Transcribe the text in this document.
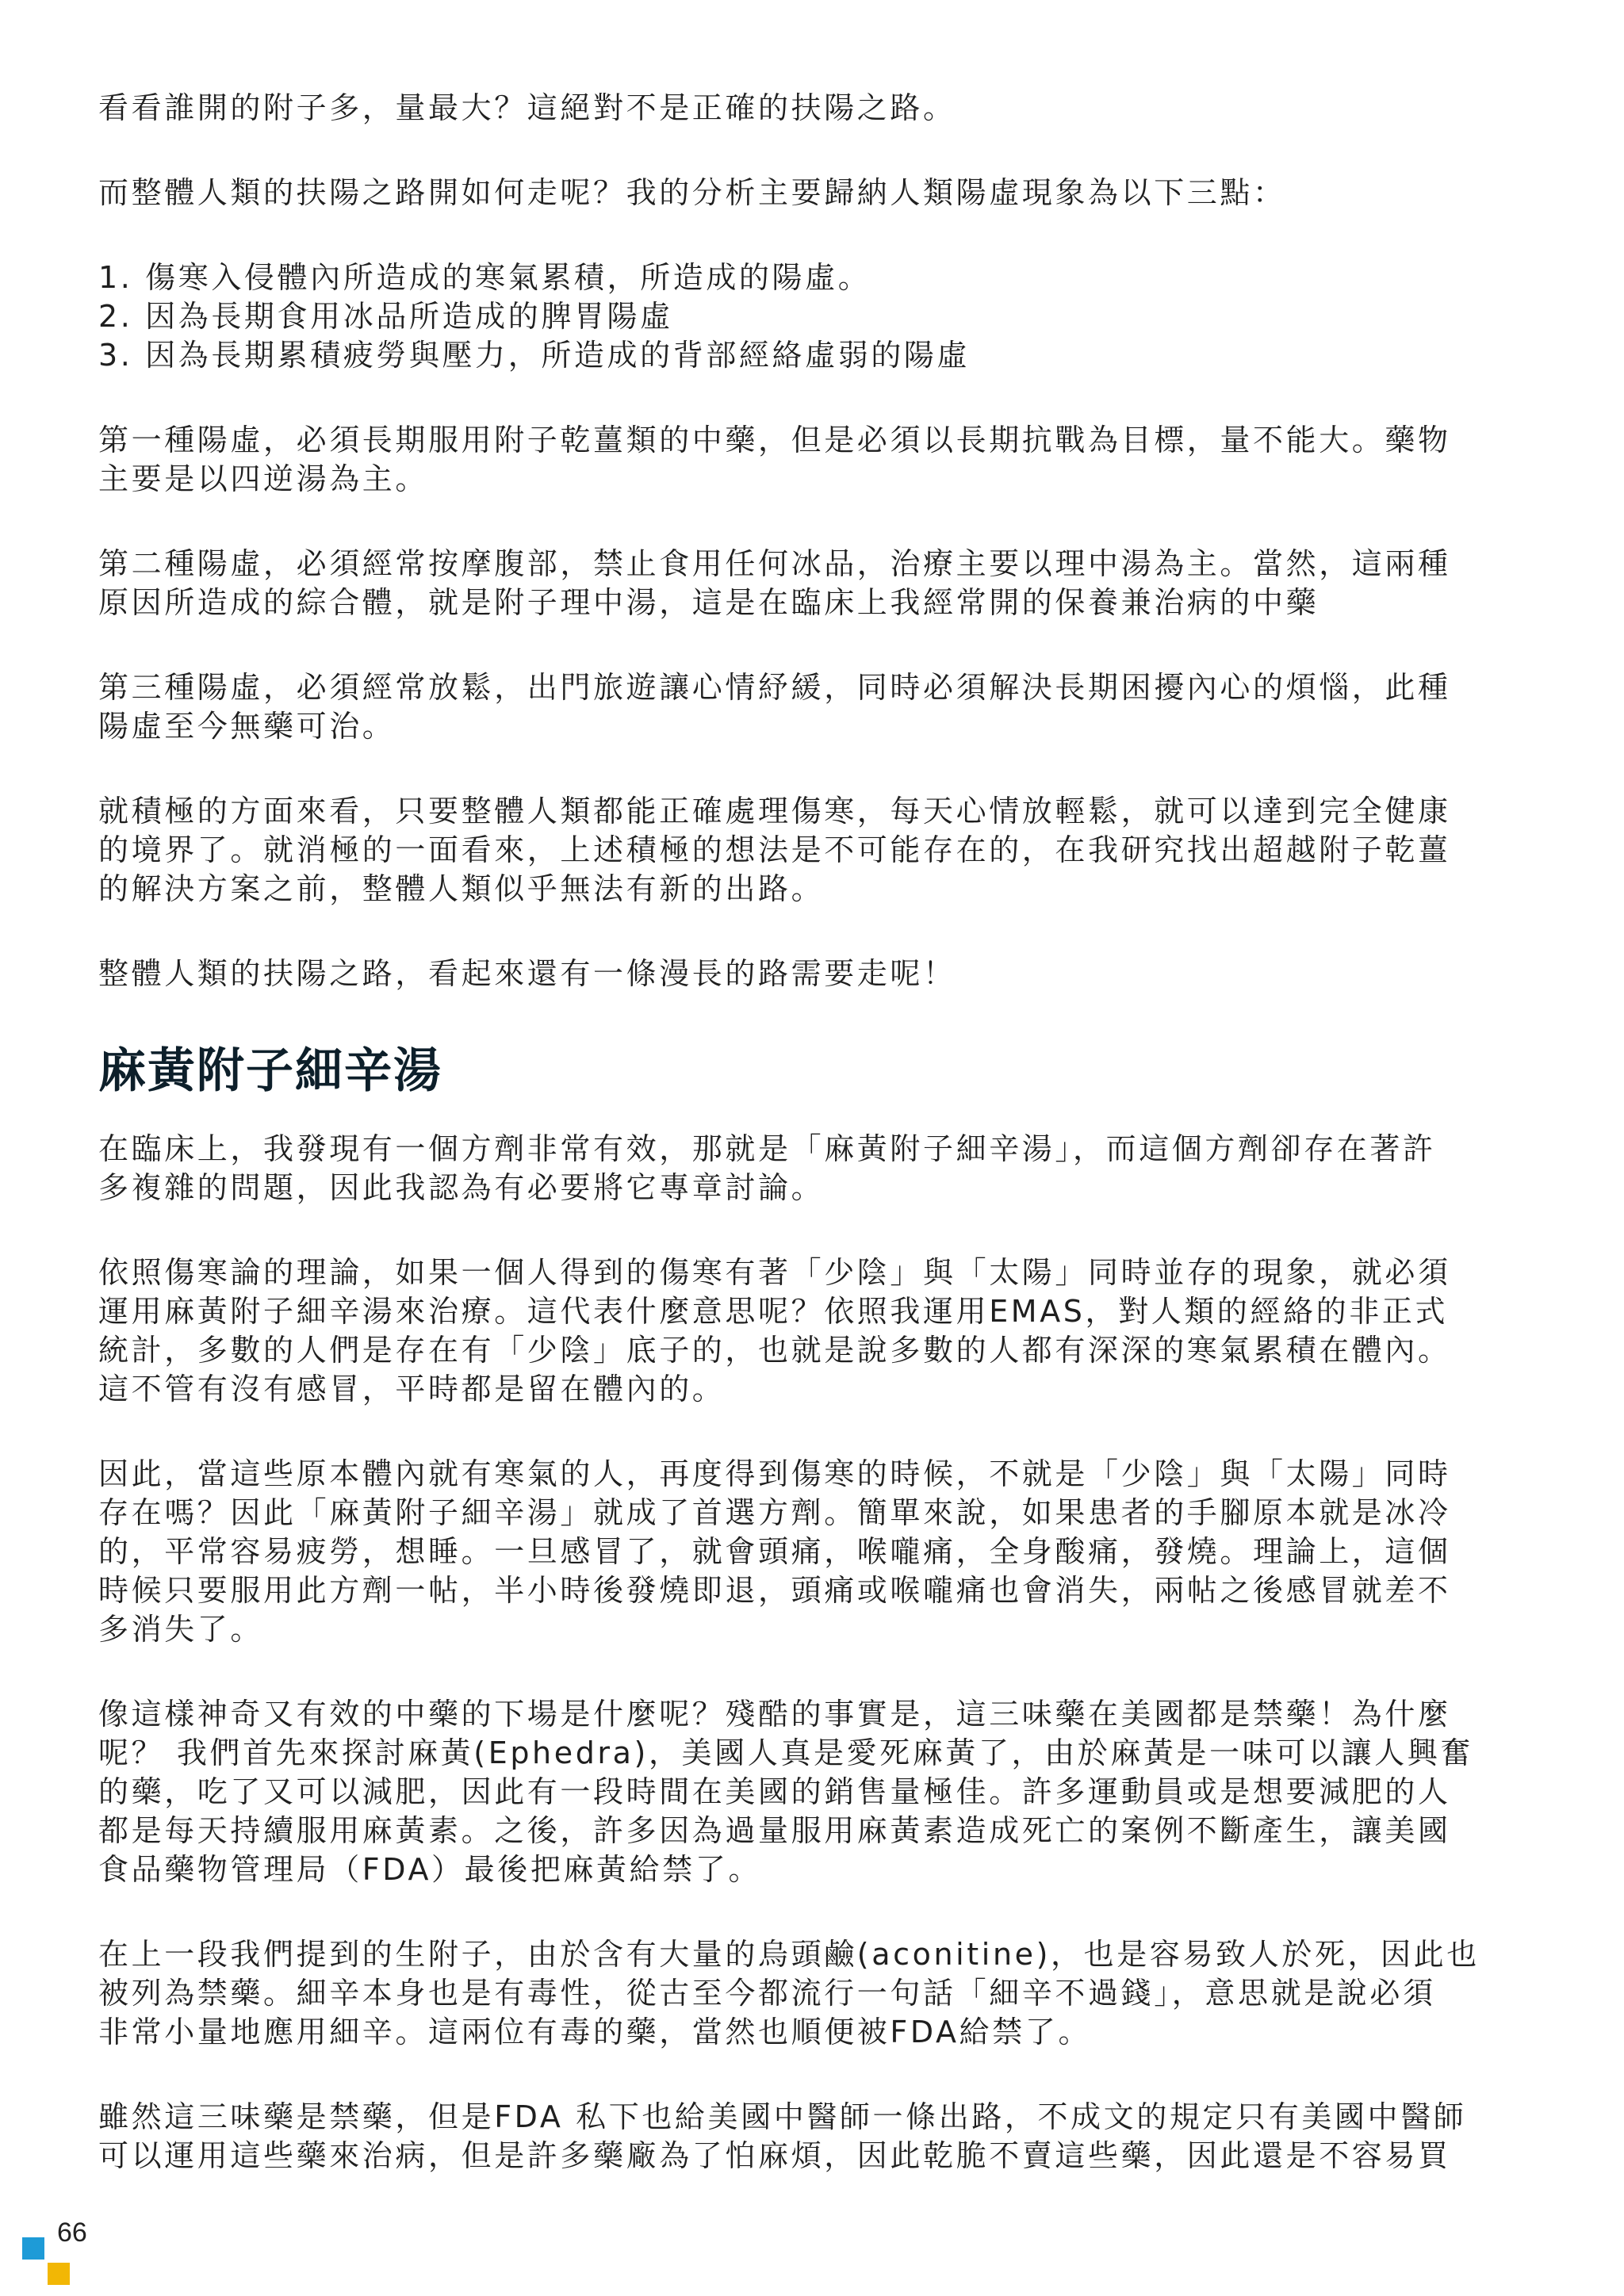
看看誰開的附子多，量最大？這絕對不是正確的扶陽之路。

而整體人類的扶陽之路開如何走呢？我的分析主要歸納人類陽虛現象為以下三點：

1. 傷寒入侵體內所造成的寒氣累積，所造成的陽虛。
2. 因為長期食用冰品所造成的脾胃陽虛
3. 因為長期累積疲勞與壓力，所造成的背部經絡虛弱的陽虛

第一種陽虛，必須長期服用附子乾薑類的中藥，但是必須以長期抗戰為目標，量不能大。藥物
主要是以四逆湯為主。

第二種陽虛，必須經常按摩腹部，禁止食用任何冰品，治療主要以理中湯為主。當然，這兩種
原因所造成的綜合體，就是附子理中湯，這是在臨床上我經常開的保養兼治病的中藥

第三種陽虛，必須經常放鬆，出門旅遊讓心情紓緩，同時必須解決長期困擾內心的煩惱，此種
陽虛至今無藥可治。

就積極的方面來看，只要整體人類都能正確處理傷寒，每天心情放輕鬆，就可以達到完全健康
的境界了。就消極的一面看來，上述積極的想法是不可能存在的，在我研究找出超越附子乾薑
的解決方案之前，整體人類似乎無法有新的出路。

整體人類的扶陽之路，看起來還有一條漫長的路需要走呢！

麻黃附子細辛湯

在臨床上，我發現有一個方劑非常有效，那就是「麻黃附子細辛湯」，而這個方劑卻存在著許
多複雜的問題，因此我認為有必要將它專章討論。

依照傷寒論的理論，如果一個人得到的傷寒有著「少陰」與「太陽」同時並存的現象，就必須
運用麻黃附子細辛湯來治療。這代表什麼意思呢？依照我運用EMAS，對人類的經絡的非正式
統計，多數的人們是存在有「少陰」底子的，也就是說多數的人都有深深的寒氣累積在體內。
這不管有沒有感冒，平時都是留在體內的。

因此，當這些原本體內就有寒氣的人，再度得到傷寒的時候，不就是「少陰」與「太陽」同時
存在嗎？因此「麻黃附子細辛湯」就成了首選方劑。簡單來說，如果患者的手腳原本就是冰冷
的，平常容易疲勞，想睡。一旦感冒了，就會頭痛，喉嚨痛，全身酸痛，發燒。理論上，這個
時候只要服用此方劑一帖，半小時後發燒即退，頭痛或喉嚨痛也會消失，兩帖之後感冒就差不
多消失了。

像這樣神奇又有效的中藥的下場是什麼呢？殘酷的事實是，這三味藥在美國都是禁藥！為什麼
呢？ 我們首先來探討麻黃(Ephedra)，美國人真是愛死麻黃了，由於麻黃是一味可以讓人興奮
的藥，吃了又可以減肥，因此有一段時間在美國的銷售量極佳。許多運動員或是想要減肥的人
都是每天持續服用麻黃素。之後，許多因為過量服用麻黃素造成死亡的案例不斷產生，讓美國
食品藥物管理局（FDA）最後把麻黃給禁了。

在上一段我們提到的生附子，由於含有大量的烏頭鹼(aconitine)，也是容易致人於死，因此也
被列為禁藥。細辛本身也是有毒性，從古至今都流行一句話「細辛不過錢」，意思就是說必須
非常小量地應用細辛。這兩位有毒的藥，當然也順便被FDA給禁了。

雖然這三味藥是禁藥，但是FDA 私下也給美國中醫師一條出路，不成文的規定只有美國中醫師
可以運用這些藥來治病，但是許多藥廠為了怕麻煩，因此乾脆不賣這些藥，因此還是不容易買

66
